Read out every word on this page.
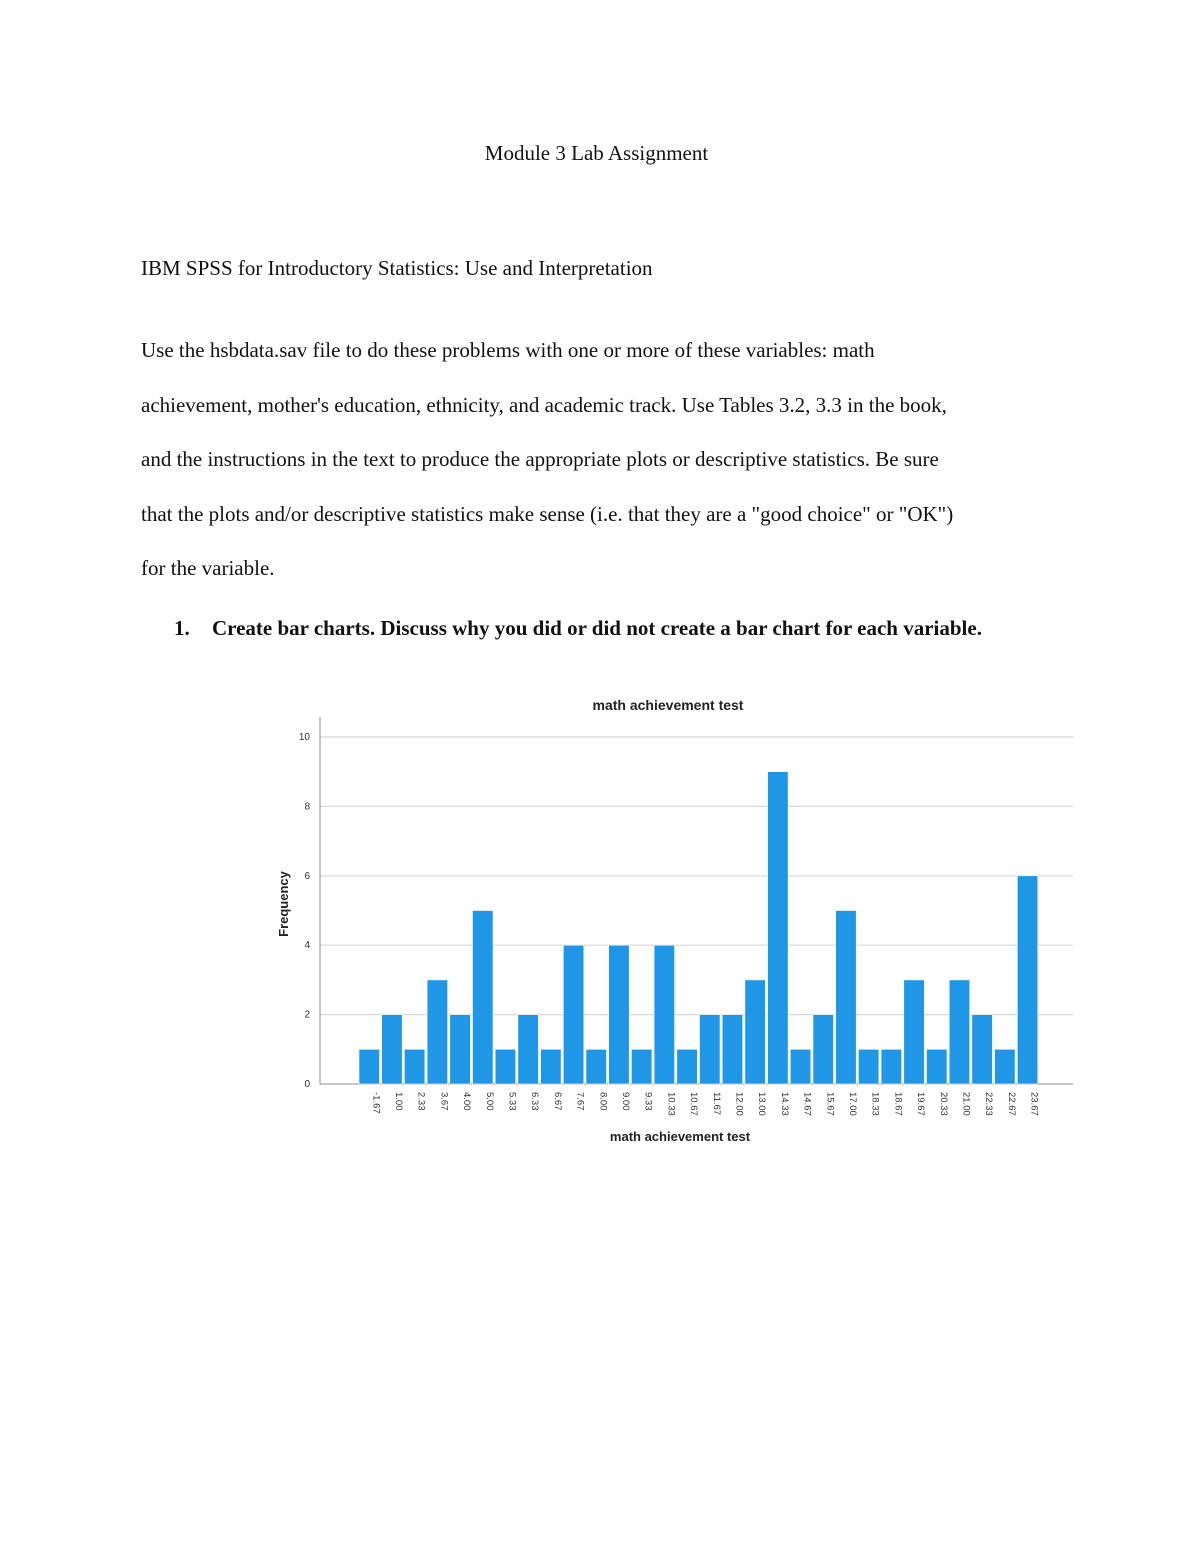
Module 3 Lab Assignment
IBM SPSS for Introductory Statistics: Use and Interpretation
Use the hsbdata.sav file to do these problems with one or more of these variables: math
achievement, mother's education, ethnicity, and academic track. Use Tables 3.2, 3.3 in the book,
and the instructions in the text to produce the appropriate plots or descriptive statistics. Be sure
that the plots and/or descriptive statistics make sense (i.e. that they are a "good choice" or "OK")
for the variable.
1. Create bar charts. Discuss why you did or did not create a bar chart for each variable.
0
2
4
6
8
10
-1.67 1.00 2.33 3.67 4.00 5.00 5.33 6.33 6.67 7.67 8.00 9.00 9.33 10.33 10.67 11.67 12.00 13.00 14.33 14.67 15.67 17.00 18.33 18.67 19.67 20.33 21.00 22.33 22.67 23.67
math achievement test
math achievement test
Frequency
